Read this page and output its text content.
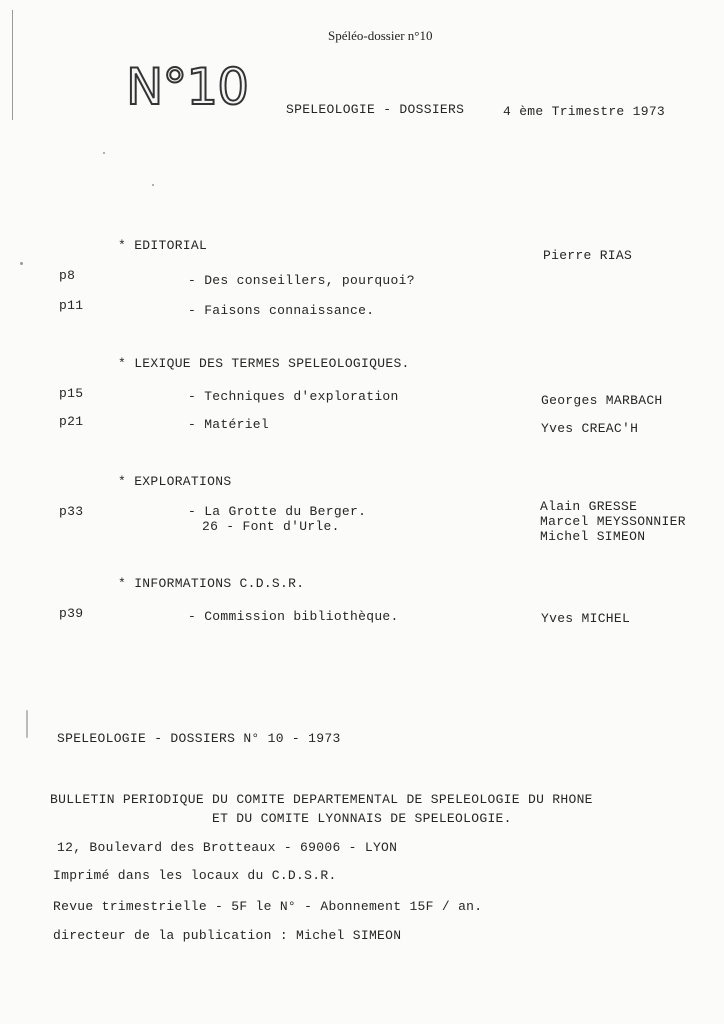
Spéléo-dossier n°10
N°10	SPELEOLOGIE - DOSSIERS	4 ème Trimestre 1973
* EDITORIAL
Pierre RIAS
p8	- Des conseillers, pourquoi?
p11	- Faisons connaissance.
* LEXIQUE DES TERMES SPELEOLOGIQUES.
p15	- Techniques d'exploration	Georges MARBACH
p21	- Matériel	Yves CREAC'H
* EXPLORATIONS
p33	- La Grotte du Berger.
26 - Font d'Urle.
Alain GRESSE
Marcel MEYSSONNIER
Michel SIMEON
* INFORMATIONS C.D.S.R.
p39	- Commission bibliothèque.	Yves MICHEL
SPELEOLOGIE - DOSSIERS N° 10 - 1973
BULLETIN PERIODIQUE DU COMITE DEPARTEMENTAL DE SPELEOLOGIE DU RHONE
ET DU COMITE LYONNAIS DE SPELEOLOGIE.
12, Boulevard des Brotteaux - 69006 - LYON
Imprimé dans les locaux du C.D.S.R.
Revue trimestrielle - 5F le N° - Abonnement 15F / an.
directeur de la publication : Michel SIMEON
